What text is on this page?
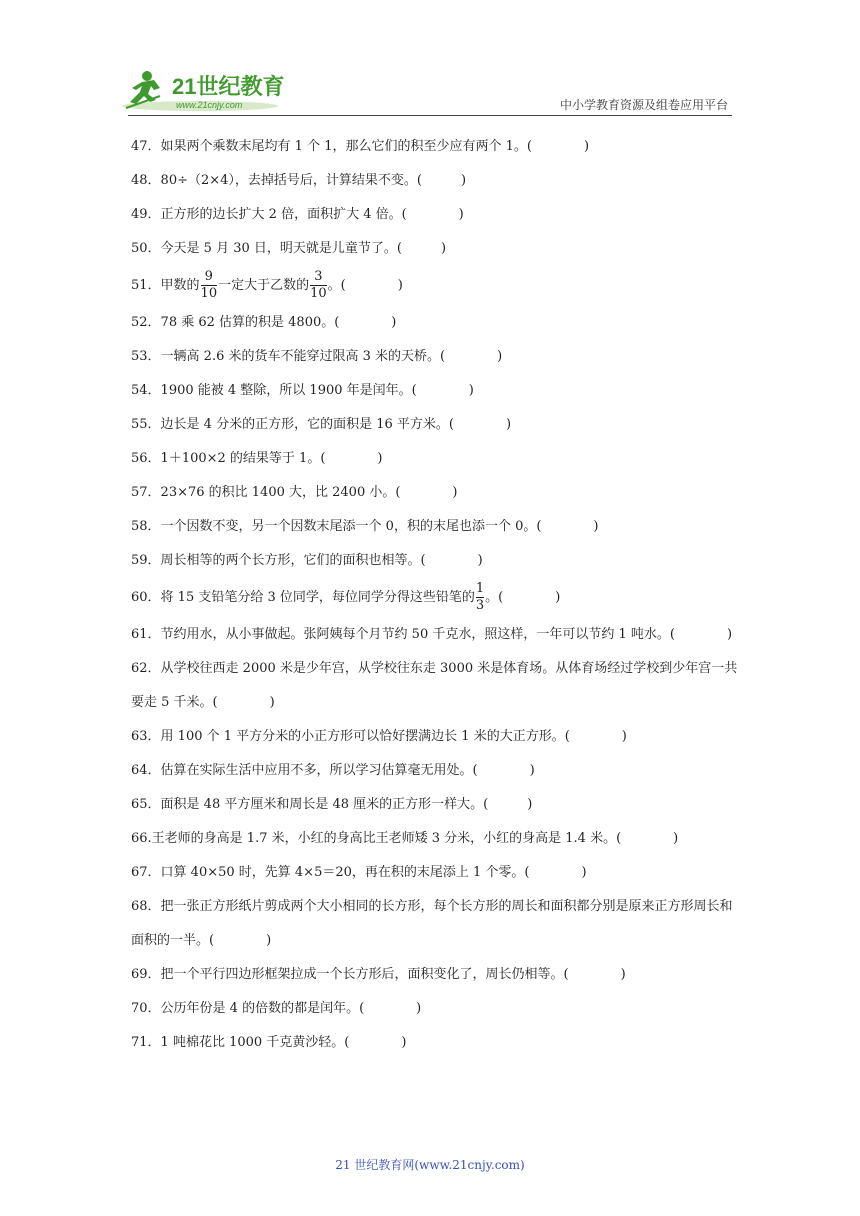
21世纪教育
www.21cnjy.com	中小学教育资源及组卷应用平台
47．如果两个乘数末尾均有 1 个 1，那么它们的积至少应有两个 1。(　　　　)
48．80÷（2×4），去掉括号后，计算结果不变。(　　　)
49．正方形的边长扩大 2 倍，面积扩大 4 倍。(　　　　)
50．今天是 5 月 30 日，明天就是儿童节了。(　　　)
51．甲数的 $\frac{9}{10}$ 一定大于乙数的 $\frac{3}{10}$ 。(　　　　)
52．78 乘 62 估算的积是 4800。(　　　　)
53．一辆高 2.6 米的货车不能穿过限高 3 米的天桥。(　　　　)
54．1900 能被 4 整除，所以 1900 年是闰年。(　　　　)
55．边长是 4 分米的正方形，它的面积是 16 平方米。(　　　　)
56．1＋100×2 的结果等于 1。(　　　　)
57．23×76 的积比 1400 大，比 2400 小。(　　　　)
58．一个因数不变，另一个因数末尾添一个 0，积的末尾也添一个 0。(　　　　)
59．周长相等的两个长方形，它们的面积也相等。(　　　　)
60．将 15 支铅笔分给 3 位同学，每位同学分得这些铅笔的 $\frac{1}{3}$ 。(　　　　)
61．节约用水，从小事做起。张阿姨每个月节约 50 千克水，照这样，一年可以节约 1 吨水。(　　　　)
62．从学校往西走 2000 米是少年宫，从学校往东走 3000 米是体育场。从体育场经过学校到少年宫一共要走 5 千米。(　　　　)
63．用 100 个 1 平方分米的小正方形可以恰好摆满边长 1 米的大正方形。(　　　　)
64．估算在实际生活中应用不多，所以学习估算毫无用处。(　　　　)
65．面积是 48 平方厘米和周长是 48 厘米的正方形一样大。(　　　)
66.王老师的身高是 1.7 米，小红的身高比王老师矮 3 分米，小红的身高是 1.4 米。(　　　　)
67．口算 40×50 时，先算 4×5＝20，再在积的末尾添上 1 个零。(　　　　)
68．把一张正方形纸片剪成两个大小相同的长方形，每个长方形的周长和面积都分别是原来正方形周长和面积的一半。(　　　　)
69．把一个平行四边形框架拉成一个长方形后，面积变化了，周长仍相等。(　　　　)
70．公历年份是 4 的倍数的都是闰年。(　　　　)
71．1 吨棉花比 1000 千克黄沙轻。(　　　　)
21 世纪教育网(www.21cnjy.com)
